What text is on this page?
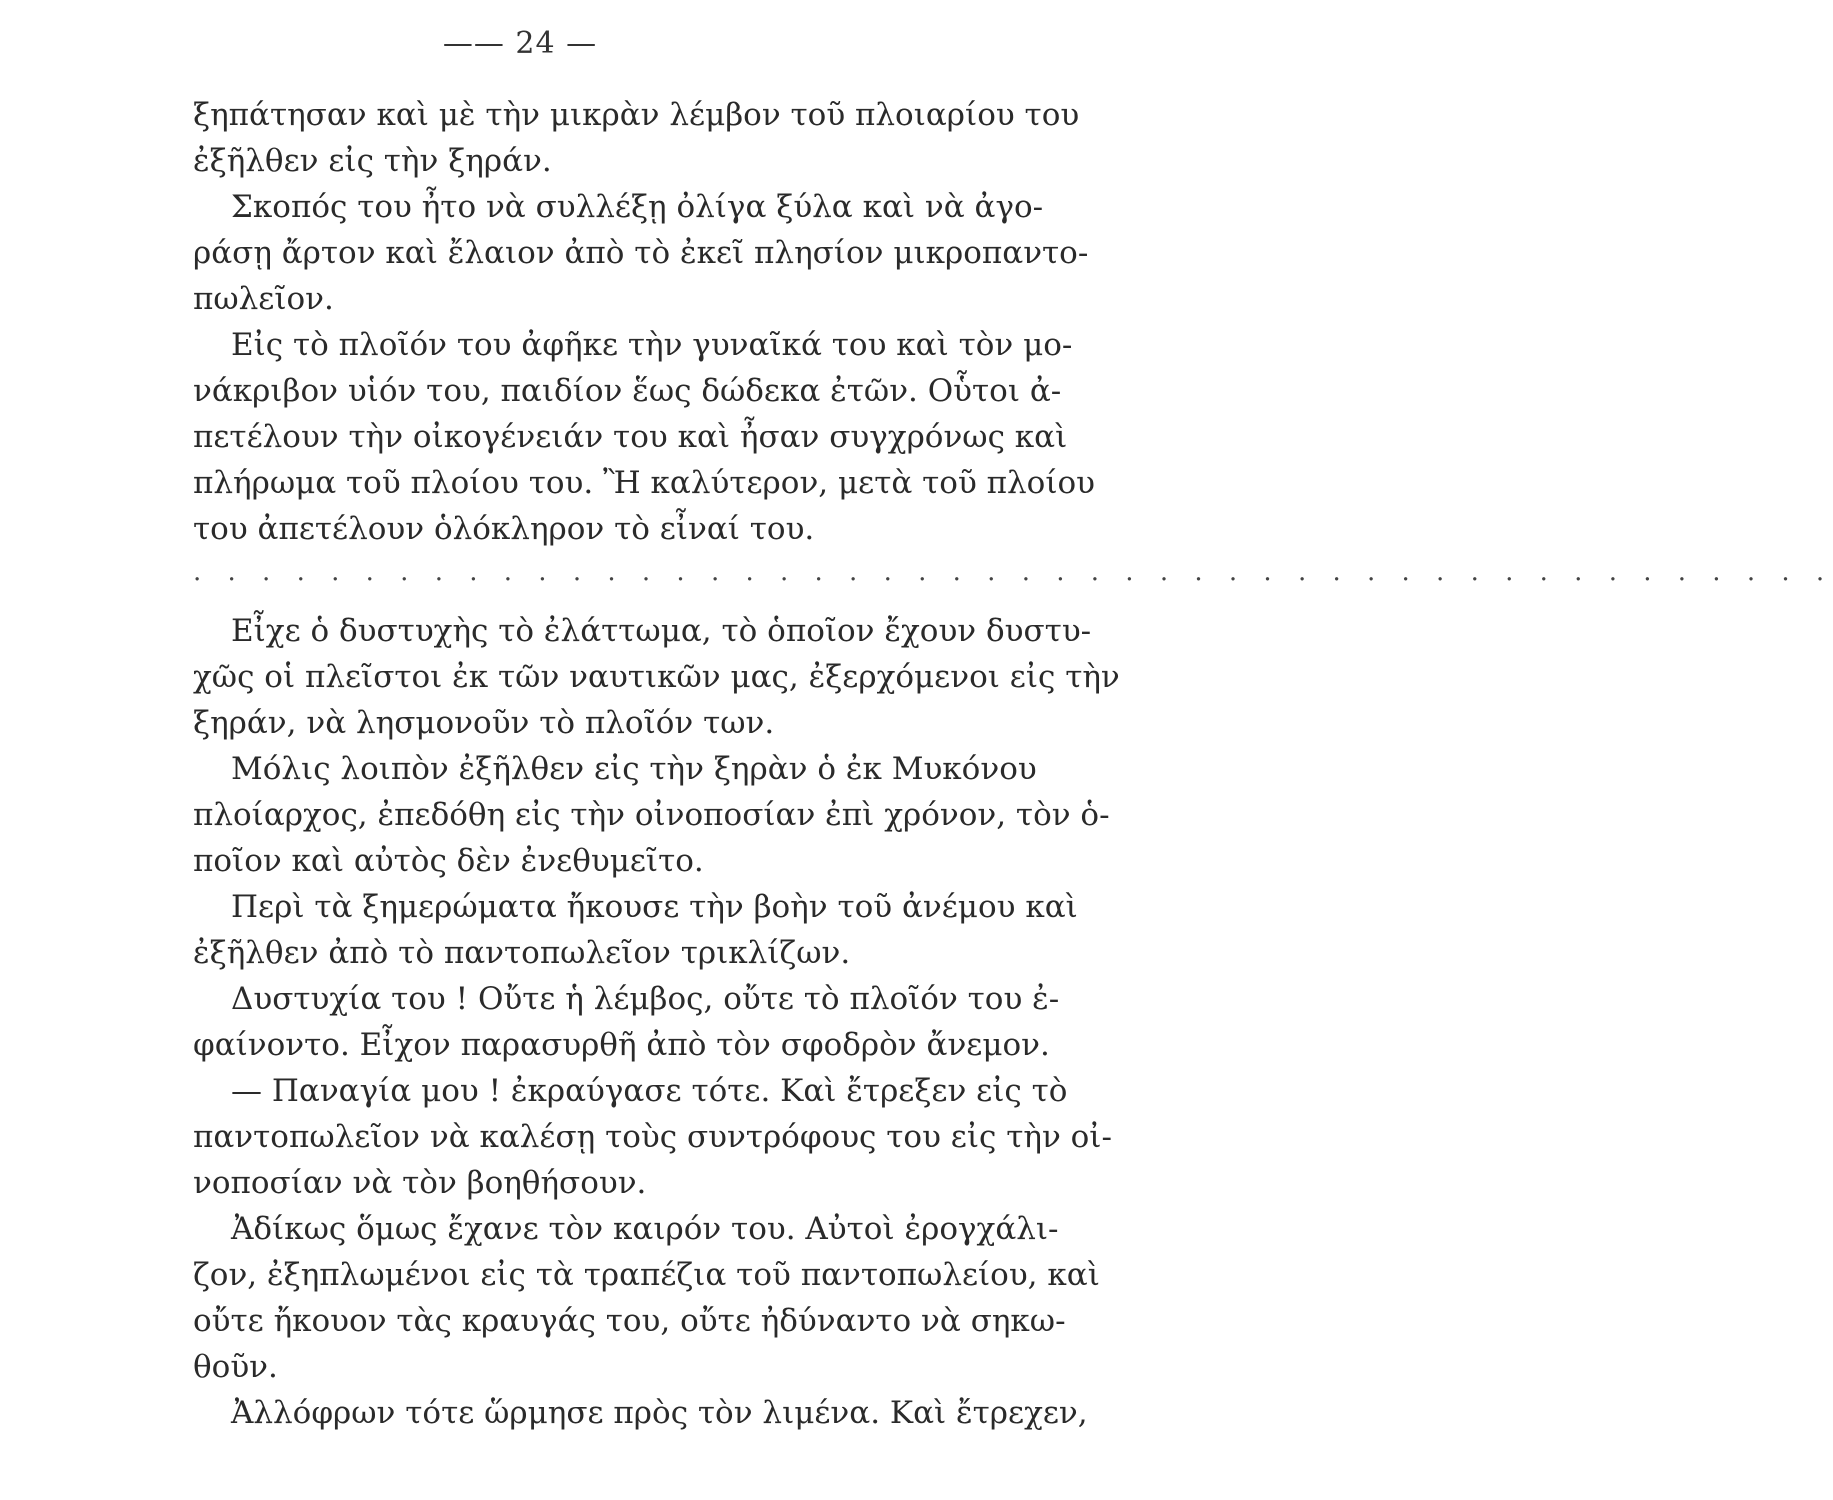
—— 24 —
ξηπάτησαν καὶ μὲ τὴν μικρὰν λέμβον τοῦ πλοιαρίου του
ἐξῆλθεν εἰς τὴν ξηράν.
Σκοπός του ἦτο νὰ συλλέξῃ ὀλίγα ξύλα καὶ νὰ ἀγο-
ράσῃ ἄρτον καὶ ἔλαιον ἀπὸ τὸ ἐκεῖ πλησίον μικροπαντο-
πωλεῖον.
Εἰς τὸ πλοῖόν του ἀφῆκε τὴν γυναῖκά του καὶ τὸν μο-
νάκριβον υἱόν του, παιδίον ἕως δώδεκα ἐτῶν. Οὗτοι ἀ-
πετέλουν τὴν οἰκογένειάν του καὶ ἦσαν συγχρόνως καὶ
πλήρωμα τοῦ πλοίου του. Ἢ καλύτερον, μετὰ τοῦ πλοίου
του ἀπετέλουν ὁλόκληρον τὸ εἶναί του.
. . . . . . . . . . . . . . . . . . . . . . . . . . . . . . . . . . . . . . . . . . . . . . . .
Εἶχε ὁ δυστυχὴς τὸ ἐλάττωμα, τὸ ὁποῖον ἔχουν δυστυ-
χῶς οἱ πλεῖστοι ἐκ τῶν ναυτικῶν μας, ἐξερχόμενοι εἰς τὴν
ξηράν, νὰ λησμονοῦν τὸ πλοῖόν των.
Μόλις λοιπὸν ἐξῆλθεν εἰς τὴν ξηρὰν ὁ ἐκ Μυκόνου
πλοίαρχος, ἐπεδόθη εἰς τὴν οἰνοποσίαν ἐπὶ χρόνον, τὸν ὁ-
ποῖον καὶ αὐτὸς δὲν ἐνεθυμεῖτο.
Περὶ τὰ ξημερώματα ἤκουσε τὴν βοὴν τοῦ ἀνέμου καὶ
ἐξῆλθεν ἀπὸ τὸ παντοπωλεῖον τρικλίζων.
Δυστυχία του ! Οὔτε ἡ λέμβος, οὔτε τὸ πλοῖόν του ἐ-
φαίνοντο. Εἶχον παρασυρθῆ ἀπὸ τὸν σφοδρὸν ἄνεμον.
— Παναγία μου ! ἐκραύγασε τότε. Καὶ ἔτρεξεν εἰς τὸ
παντοπωλεῖον νὰ καλέσῃ τοὺς συντρόφους του εἰς τὴν οἰ-
νοποσίαν νὰ τὸν βοηθήσουν.
Ἀδίκως ὅμως ἔχανε τὸν καιρόν του. Αὐτοὶ ἐρογχάλι-
ζον, ἐξηπλωμένοι εἰς τὰ τραπέζια τοῦ παντοπωλείου, καὶ
οὔτε ἤκουον τὰς κραυγάς του, οὔτε ἠδύναντο νὰ σηκω-
θοῦν.
Ἀλλόφρων τότε ὥρμησε πρὸς τὸν λιμένα. Καὶ ἔτρεχεν,
